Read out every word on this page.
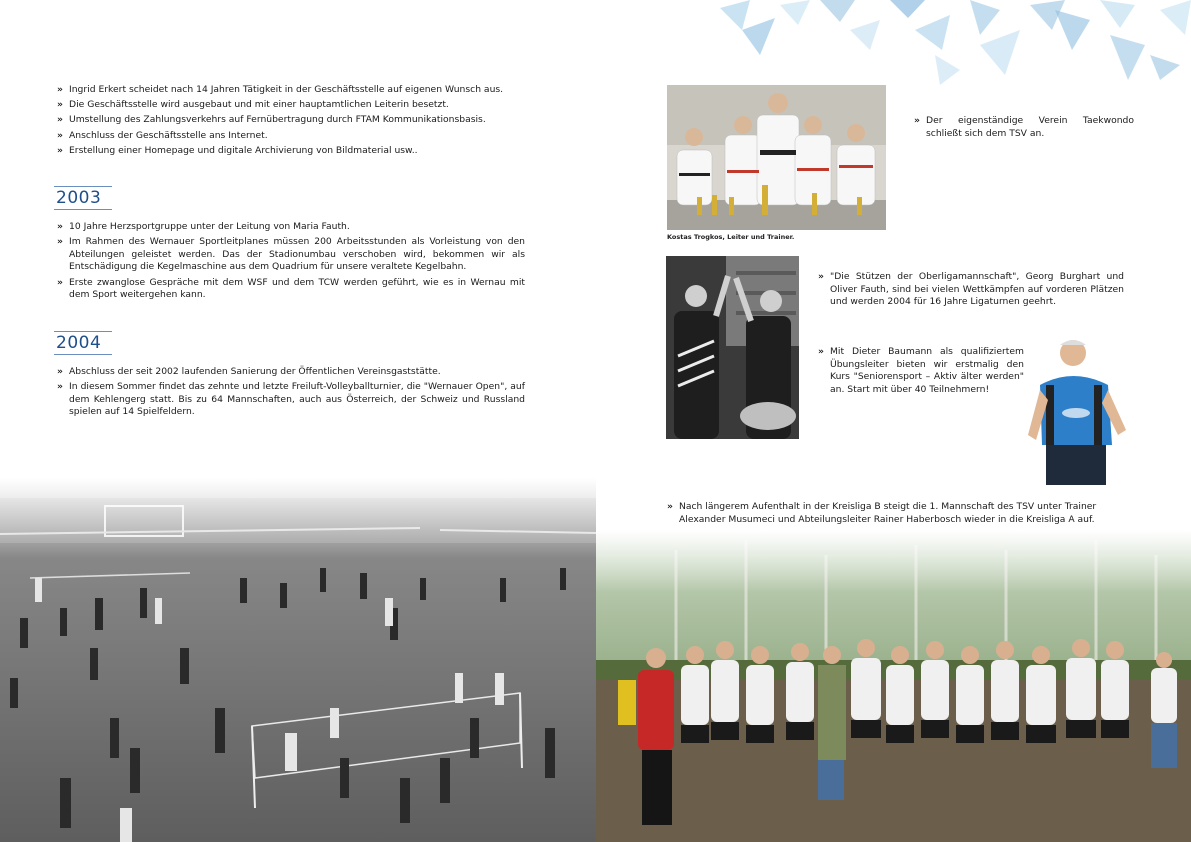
» Ingrid Erkert scheidet nach 14 Jahren Tätigkeit in der Geschäftsstelle auf eigenen Wunsch aus.
» Die Geschäftsstelle wird ausgebaut und mit einer hauptamtlichen Leiterin besetzt.
» Umstellung des Zahlungsverkehrs auf Fernübertragung durch FTAM Kommunikationsbasis.
» Anschluss der Geschäftsstelle ans Internet.
» Erstellung einer Homepage und digitale Archivierung von Bildmaterial usw..
2003
» 10 Jahre Herzsportgruppe unter der Leitung von Maria Fauth.
» Im Rahmen des Wernauer Sportleitplanes müssen 200 Arbeitsstunden als Vorleistung von den Abteilungen geleistet werden. Das der Stadionumbau verschoben wird, bekommen wir als Entschädigung die Kegelmaschine aus dem Quadrium für unsere veraltete Kegelbahn.
» Erste zwanglose Gespräche mit dem WSF und dem TCW werden geführt, wie es in Wernau mit dem Sport weitergehen kann.
2004
» Abschluss der seit 2002 laufenden Sanierung der Öffentlichen Vereinsgaststätte.
» In diesem Sommer findet das zehnte und letzte Freiluft-Volleyballturnier, die "Wernauer Open", auf dem Kehlengerg statt. Bis zu 64 Mannschaften, auch aus Österreich, der Schweiz und Russland spielen auf 14 Spielfeldern.
Kostas Trogkos, Leiter und Trainer.
» Der eigenständige Verein Taekwondo schließt sich dem TSV an.
» "Die Stützen der Oberligamannschaft", Georg Burghart und Oliver Fauth, sind bei vielen Wettkämpfen auf vorderen Plätzen und werden 2004 für 16 Jahre Ligaturnen geehrt.
» Mit Dieter Baumann als qualifiziertem Übungsleiter bieten wir erstmalig den Kurs "Seniorensport – Aktiv älter werden" an. Start mit über 40 Teilnehmern!
» Nach längerem Aufenthalt in der Kreisliga B steigt die 1. Mannschaft des TSV unter Trainer Alexander Musumeci und Abteilungsleiter Rainer Haberbosch wieder in die Kreisliga A auf.
